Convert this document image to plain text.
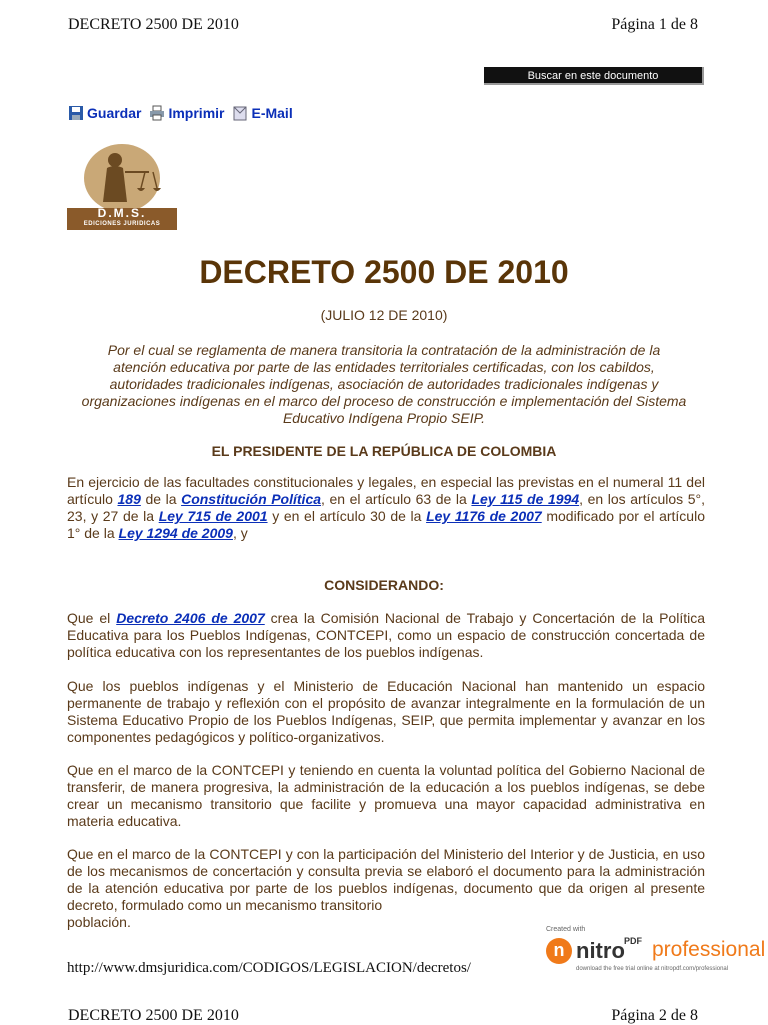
DECRETO 2500 DE 2010	Página 1 de 8
Buscar en este documento
Guardar Imprimir E-Mail
D.M.S.
EDICIONES JURIDICAS
DECRETO 2500 DE 2010
(JULIO 12 DE 2010)
Por el cual se reglamenta de manera transitoria la contratación de la administración de la atención educativa por parte de las entidades territoriales certificadas, con los cabildos, autoridades tradicionales indígenas, asociación de autoridades tradicionales indígenas y organizaciones indígenas en el marco del proceso de construcción e implementación del Sistema Educativo Indígena Propio SEIP.
EL PRESIDENTE DE LA REPÚBLICA DE COLOMBIA
En ejercicio de las facultades constitucionales y legales, en especial las previstas en el numeral 11 del artículo 189 de la Constitución Política, en el artículo 63 de la Ley 115 de 1994, en los artículos 5°, 23, y 27 de la Ley 715 de 2001 y en el artículo 30 de la Ley 1176 de 2007 modificado por el artículo 1° de la Ley 1294 de 2009, y
CONSIDERANDO:
Que el Decreto 2406 de 2007 crea la Comisión Nacional de Trabajo y Concertación de la Política Educativa para los Pueblos Indígenas, CONTCEPI, como un espacio de construcción concertada de política educativa con los representantes de los pueblos indígenas.
Que los pueblos indígenas y el Ministerio de Educación Nacional han mantenido un espacio permanente de trabajo y reflexión con el propósito de avanzar integralmente en la formulación de un Sistema Educativo Propio de los Pueblos Indígenas, SEIP, que permita implementar y avanzar en los componentes pedagógicos y político-organizativos.
Que en el marco de la CONTCEPI y teniendo en cuenta la voluntad política del Gobierno Nacional de transferir, de manera progresiva, la administración de la educación a los pueblos indígenas, se debe crear un mecanismo transitorio que facilite y promueva una mayor capacidad administrativa en materia educativa.
Que en el marco de la CONTCEPI y con la participación del Ministerio del Interior y de Justicia, en uso de los mecanismos de concertación y consulta previa se elaboró el documento para la administración de la atención educativa por parte de los pueblos indígenas, documento que da origen al presente decreto, formulado como un mecanismo transitorio
población.
http://www.dmsjuridica.com/CODIGOS/LEGISLACION/decretos/
Created with
n nitro PDF professional
download the free trial online at nitropdf.com/professional
DECRETO 2500 DE 2010	Página 2 de 8
